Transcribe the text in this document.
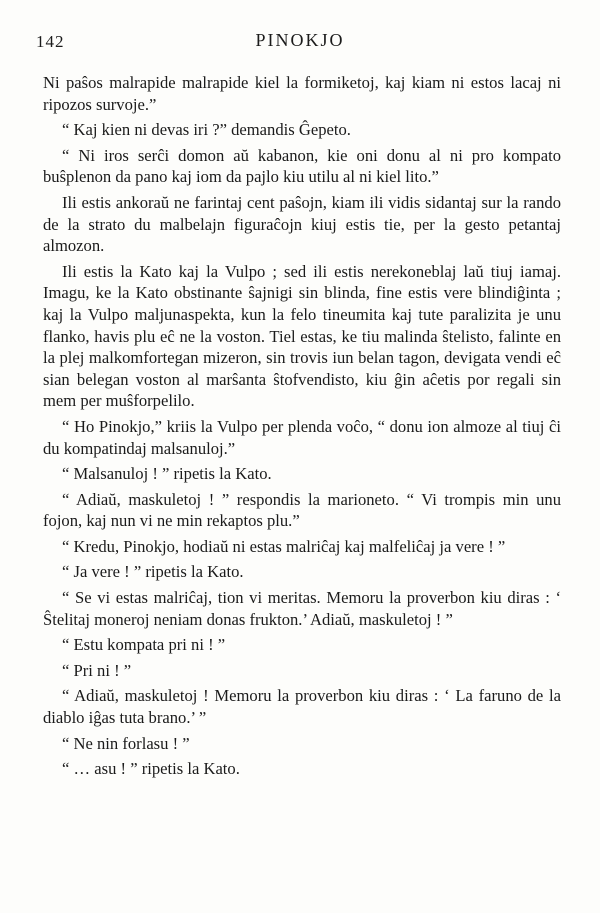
142	PINOKJO

Ni paŝos malrapide malrapide kiel la formiketoj, kaj kiam ni estos lacaj ni ripozos survoje.”

“ Kaj kien ni devas iri ?” demandis Ĝepeto.

“ Ni iros serĉi domon aŭ kabanon, kie oni donu al ni pro kompato buŝplenon da pano kaj iom da pajlo kiu utilu al ni kiel lito.”

Ili estis ankoraŭ ne farintaj cent paŝojn, kiam ili vidis sidantaj sur la rando de la strato du malbelajn figuraĉojn kiuj estis tie, per la gesto petantaj almozon.

Ili estis la Kato kaj la Vulpo ; sed ili estis nerekoneblaj laŭ tiuj iamaj. Imagu, ke la Kato obstinante ŝajnigi sin blinda, fine estis vere blindiĝinta ; kaj la Vulpo maljunaspekta, kun la felo tineumita kaj tute paralizita je unu flanko, havis plu eĉ ne la voston. Tiel estas, ke tiu malinda ŝtelisto, falinte en la plej malkomfortegan mizeron, sin trovis iun belan tagon, devigata vendi eĉ sian belegan voston al marŝanta ŝtofvendisto, kiu ĝin aĉetis por regali sin mem per muŝforpelilo.

“ Ho Pinokjo,” kriis la Vulpo per plenda voĉo, “ donu ion almoze al tiuj ĉi du kompatindaj malsanuloj.”

“ Malsanuloj ! ” ripetis la Kato.

“ Adiaŭ, maskuletoj ! ” respondis la marioneto. “ Vi trompis min unu fojon, kaj nun vi ne min rekaptos plu.”

“ Kredu, Pinokjo, hodiaŭ ni estas malriĉaj kaj malfeliĉaj ja vere ! ”

“ Ja vere ! ” ripetis la Kato.

“ Se vi estas malriĉaj, tion vi meritas. Memoru la proverbon kiu diras : ‘ Ŝtelitaj moneroj neniam donas frukton.’ Adiaŭ, maskuletoj ! ”

“ Estu kompata pri ni ! ”

“ Pri ni ! ”

“ Adiaŭ, maskuletoj ! Memoru la proverbon kiu diras : ‘ La faruno de la diablo iĝas tuta brano.’ ”

“ Ne nin forlasu ! ”

“ … asu ! ” ripetis la Kato.
